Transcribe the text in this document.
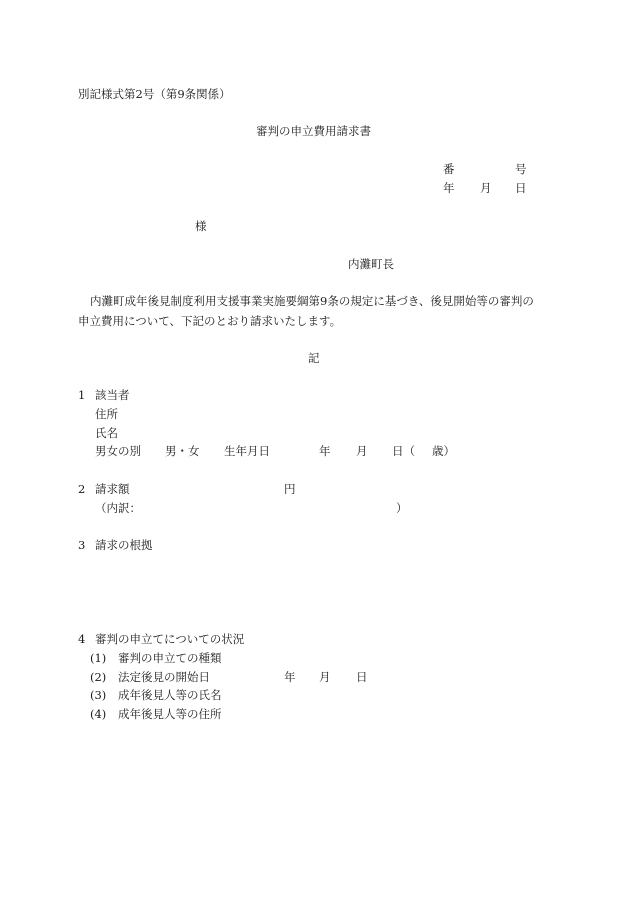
別記様式第2号（第9条関係）
審判の申立費用請求書
番	号
年 月 日
様
内灘町長
内灘町成年後見制度利用支援事業実施要綱第9条の規定に基づき、後見開始等の審判の
申立費用について、下記のとおり請求いたします。
記
1 該当者
住所
氏名
男女の別 男・女 生年月日	年 月 日（ 歳）
2 請求額	円
（内訳：	）
3 請求の根拠
4 審判の申立てについての状況
(1) 審判の申立ての種類
(2) 法定後見の開始日	年 月 日
(3) 成年後見人等の氏名
(4) 成年後見人等の住所
